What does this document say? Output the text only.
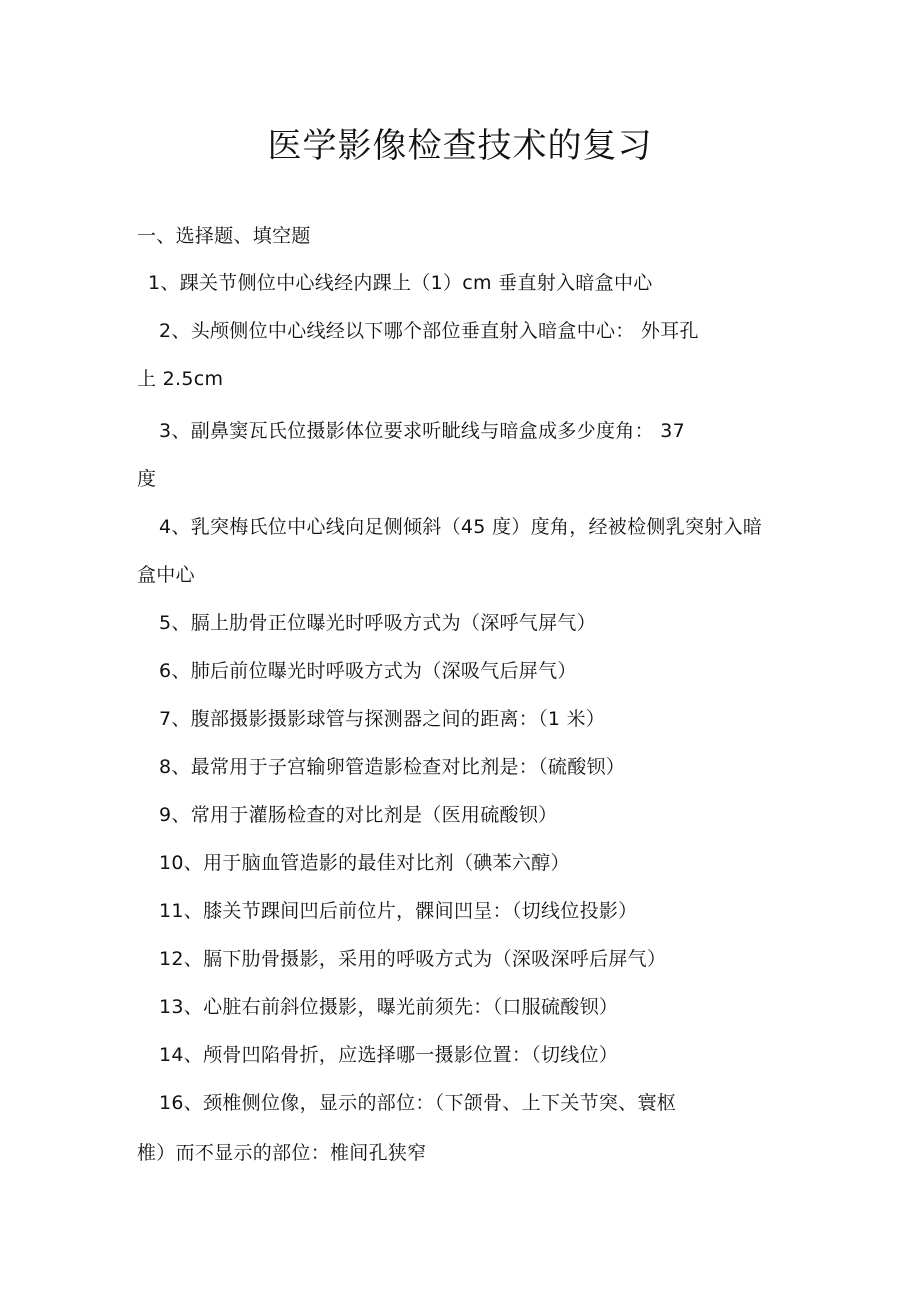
医学影像检查技术的复习
一、选择题、填空题
1、踝关节侧位中心线经内踝上（1）cm 垂直射入暗盒中心
2、头颅侧位中心线经以下哪个部位垂直射入暗盒中心： 外耳孔
上 2.5cm
3、副鼻窦瓦氏位摄影体位要求听眦线与暗盒成多少度角： 37
度
4、乳突梅氏位中心线向足侧倾斜（45 度）度角，经被检侧乳突射入暗
盒中心
5、膈上肋骨正位曝光时呼吸方式为（深呼气屏气）
6、肺后前位曝光时呼吸方式为（深吸气后屏气）
7、腹部摄影摄影球管与探测器之间的距离：（1 米）
8、最常用于子宫输卵管造影检查对比剂是：（硫酸钡）
9、常用于灌肠检查的对比剂是（医用硫酸钡）
10、用于脑血管造影的最佳对比剂（碘苯六醇）
11、膝关节踝间凹后前位片，髁间凹呈：（切线位投影）
12、膈下肋骨摄影，采用的呼吸方式为（深吸深呼后屏气）
13、心脏右前斜位摄影，曝光前须先：（口服硫酸钡）
14、颅骨凹陷骨折，应选择哪一摄影位置：（切线位）
16、颈椎侧位像，显示的部位：（下颌骨、上下关节突、寰枢
椎）而不显示的部位：椎间孔狭窄
